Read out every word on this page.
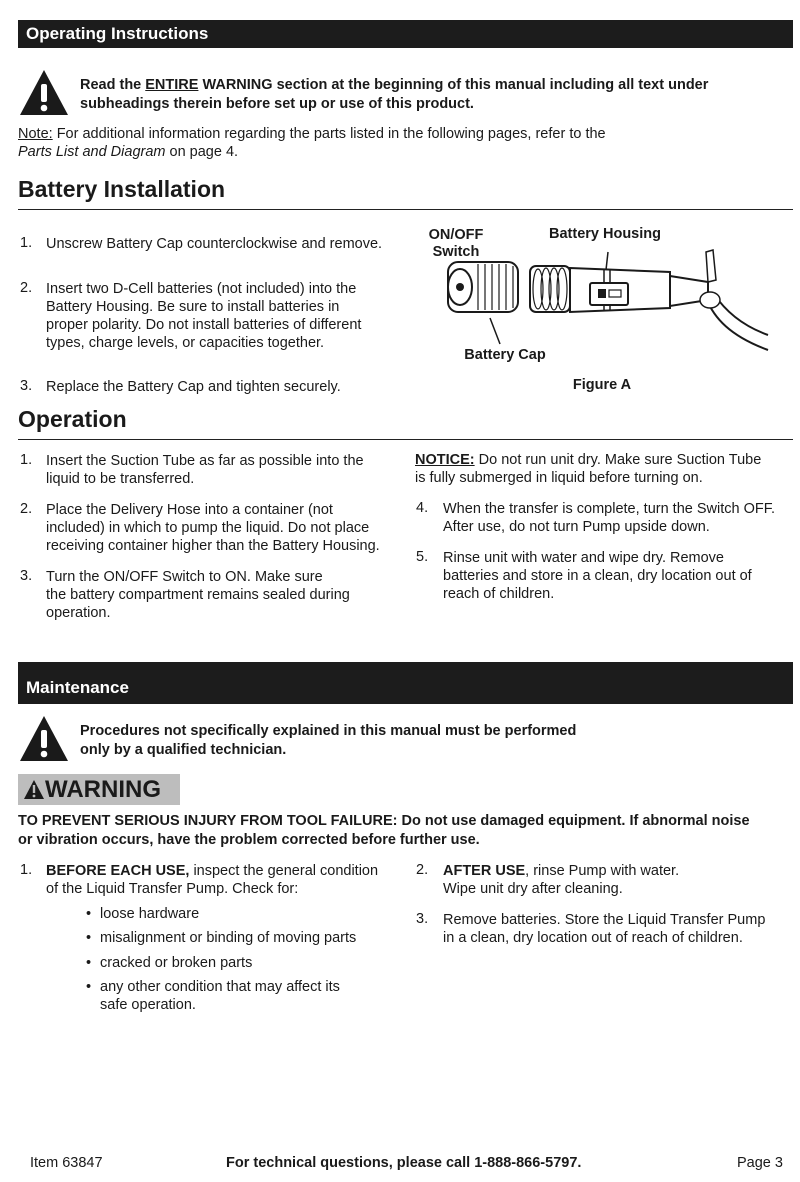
Operating Instructions
Read the ENTIRE WARNING section at the beginning of this manual including all text under
subheadings therein before set up or use of this product.
Note: For additional information regarding the parts listed in the following pages, refer to the
Parts List and Diagram on page 4.
Battery Installation
1. Unscrew Battery Cap counterclockwise and remove.
2. Insert two D-Cell batteries (not included) into the
Battery Housing. Be sure to install batteries in
proper polarity. Do not install batteries of different
types, charge levels, or capacities together.
3. Replace the Battery Cap and tighten securely.
ON/OFF
Switch
Battery Housing
Battery Cap
Figure A
Operation
1. Insert the Suction Tube as far as possible into the
liquid to be transferred.
2. Place the Delivery Hose into a container (not
included) in which to pump the liquid. Do not place
receiving container higher than the Battery Housing.
3. Turn the ON/OFF Switch to ON. Make sure
the battery compartment remains sealed during
operation.
NOTICE: Do not run unit dry. Make sure Suction Tube
is fully submerged in liquid before turning on.
4. When the transfer is complete, turn the Switch OFF.
After use, do not turn Pump upside down.
5. Rinse unit with water and wipe dry. Remove
batteries and store in a clean, dry location out of
reach of children.
Maintenance
Procedures not specifically explained in this manual must be performed
only by a qualified technician.
WARNING
TO PREVENT SERIOUS INJURY FROM TOOL FAILURE: Do not use damaged equipment. If abnormal noise
or vibration occurs, have the problem corrected before further use.
1. BEFORE EACH USE, inspect the general condition
of the Liquid Transfer Pump. Check for:
• loose hardware
• misalignment or binding of moving parts
• cracked or broken parts
• any other condition that may affect its
safe operation.
2. AFTER USE, rinse Pump with water.
Wipe unit dry after cleaning.
3. Remove batteries. Store the Liquid Transfer Pump
in a clean, dry location out of reach of children.
Item 63847	For technical questions, please call 1-888-866-5797.	Page 3
